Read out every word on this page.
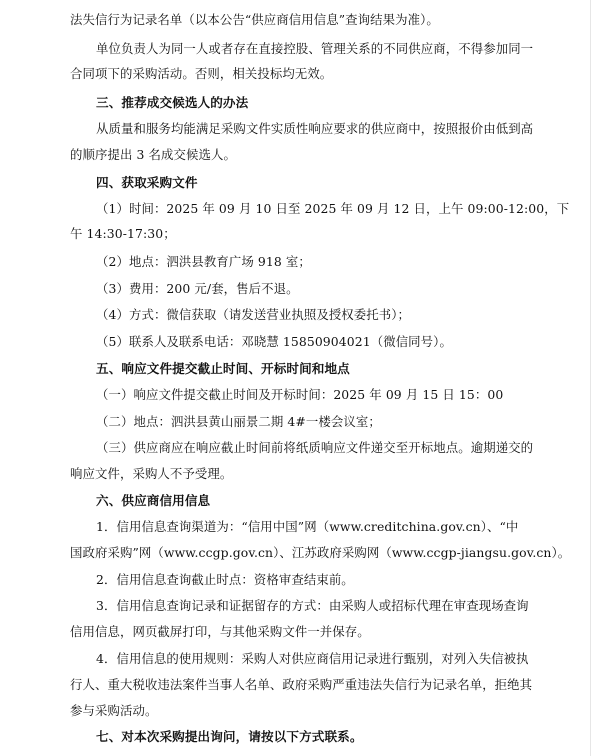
法失信行为记录名单（以本公告“供应商信用信息”查询结果为准）。
单位负责人为同一人或者存在直接控股、管理关系的不同供应商，不得参加同一
合同项下的采购活动。否则，相关投标均无效。
三、推荐成交候选人的办法
从质量和服务均能满足采购文件实质性响应要求的供应商中，按照报价由低到高
的顺序提出 3 名成交候选人。
四、获取采购文件
（1）时间：2025 年 09 月 10 日至 2025 年 09 月 12 日，上午 09:00-12:00，下
午 14:30-17:30；
（2）地点：泗洪县教育广场 918 室；
（3）费用：200 元/套，售后不退。
（4）方式：微信获取（请发送营业执照及授权委托书）；
（5）联系人及联系电话：邓晓慧 15850904021（微信同号）。
五、响应文件提交截止时间、开标时间和地点
（一）响应文件提交截止时间及开标时间：2025 年 09 月 15 日 15：00
（二）地点：泗洪县黄山丽景二期 4#一楼会议室；
（三）供应商应在响应截止时间前将纸质响应文件递交至开标地点。逾期递交的
响应文件，采购人不予受理。
六、供应商信用信息
1．信用信息查询渠道为：“信用中国”网（www.creditchina.gov.cn）、“中
国政府采购”网（www.ccgp.gov.cn）、江苏政府采购网（www.ccgp-jiangsu.gov.cn）。
2．信用信息查询截止时点：资格审查结束前。
3．信用信息查询记录和证据留存的方式：由采购人或招标代理在审查现场查询
信用信息，网页截屏打印，与其他采购文件一并保存。
4．信用信息的使用规则：采购人对供应商信用记录进行甄别，对列入失信被执
行人、重大税收违法案件当事人名单、政府采购严重违法失信行为记录名单，拒绝其
参与采购活动。
七、对本次采购提出询问，请按以下方式联系。
